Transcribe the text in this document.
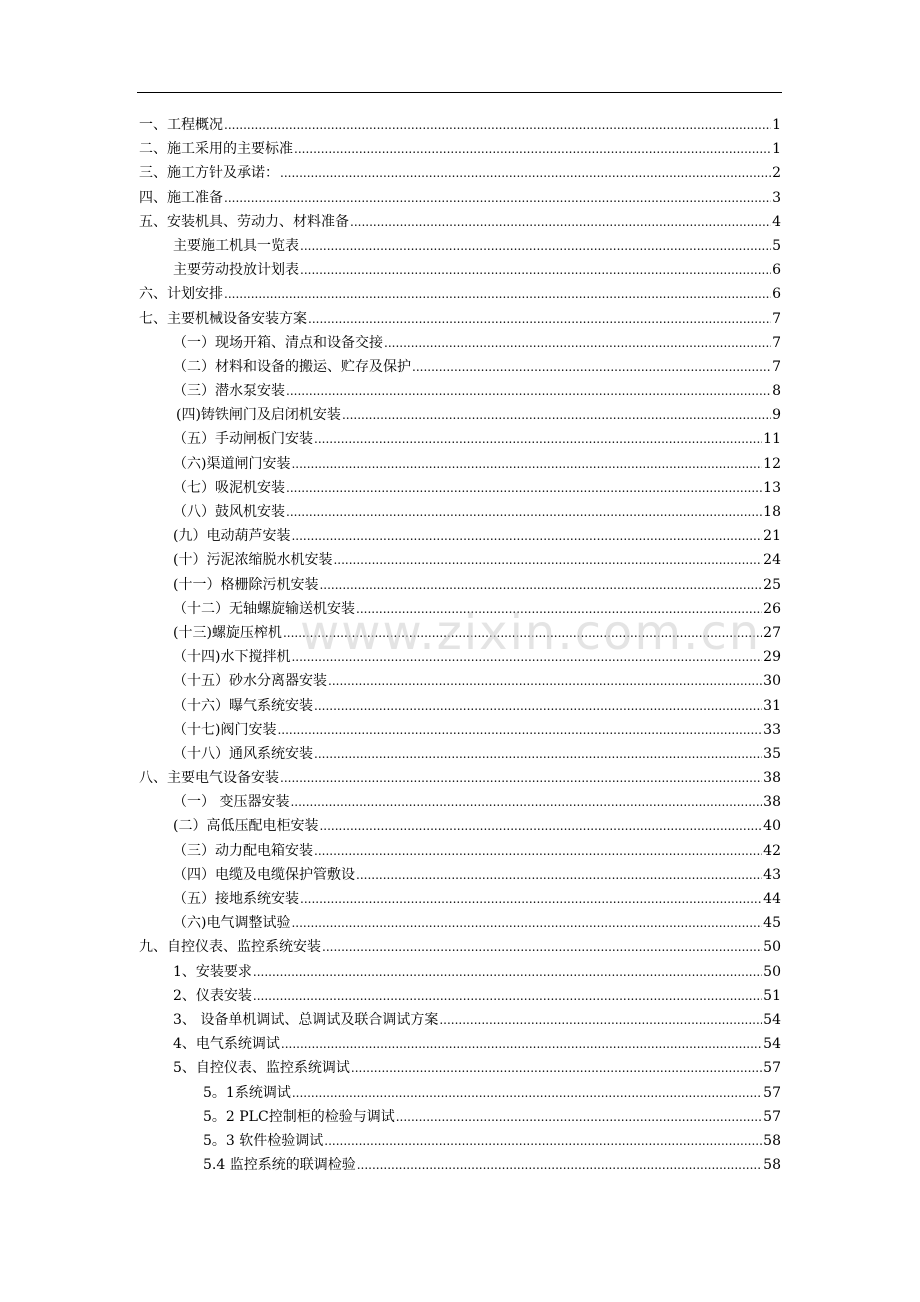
一、工程概况 .....	1
二、施工采用的主要标准 .....	1
三、施工方针及承诺： .....	2
四、施工准备 .....	3
五、安装机具、劳动力、材料准备 .....	4
主要施工机具一览表 .....	5
主要劳动投放计划表 .....	6
六、计划安排 .....	6
七、主要机械设备安装方案 .....	7
（一）现场开箱、清点和设备交接 .....	7
（二）材料和设备的搬运、贮存及保护 .....	7
（三）潜水泵安装 .....	8
(四)铸铁闸门及启闭机安装 .....	9
（五）手动闸板门安装 .....	11
（六)渠道闸门安装 .....	12
（七）吸泥机安装 .....	13
（八）鼓风机安装 .....	18
(九）电动葫芦安装 .....	21
(十）污泥浓缩脱水机安装 .....	24
(十一）格栅除污机安装 .....	25
（十二）无轴螺旋输送机安装 .....	26
(十三)螺旋压榨机 .....	27
（十四)水下搅拌机 .....	29
（十五）砂水分离器安装 .....	30
（十六）曝气系统安装 .....	31
（十七)阀门安装 .....	33
（十八）通风系统安装 .....	35
八、主要电气设备安装 .....	38
（一） 变压器安装 .....	38
(二）高低压配电柜安装 .....	40
（三）动力配电箱安装 .....	42
（四）电缆及电缆保护管敷设 .....	43
（五）接地系统安装 .....	44
（六)电气调整试验 .....	45
九、自控仪表、监控系统安装 .....	50
1、安装要求 .....	50
2、仪表安装 .....	51
3、 设备单机调试、总调试及联合调试方案 .....	54
4、电气系统调试 .....	54
5、自控仪表、监控系统调试 .....	57
5。1系统调试 .....	57
5。2 PLC控制柜的检验与调试 .....	57
5。3 软件检验调试 .....	58
5.4 监控系统的联调检验 .....	58
www.zixin.com.cn
